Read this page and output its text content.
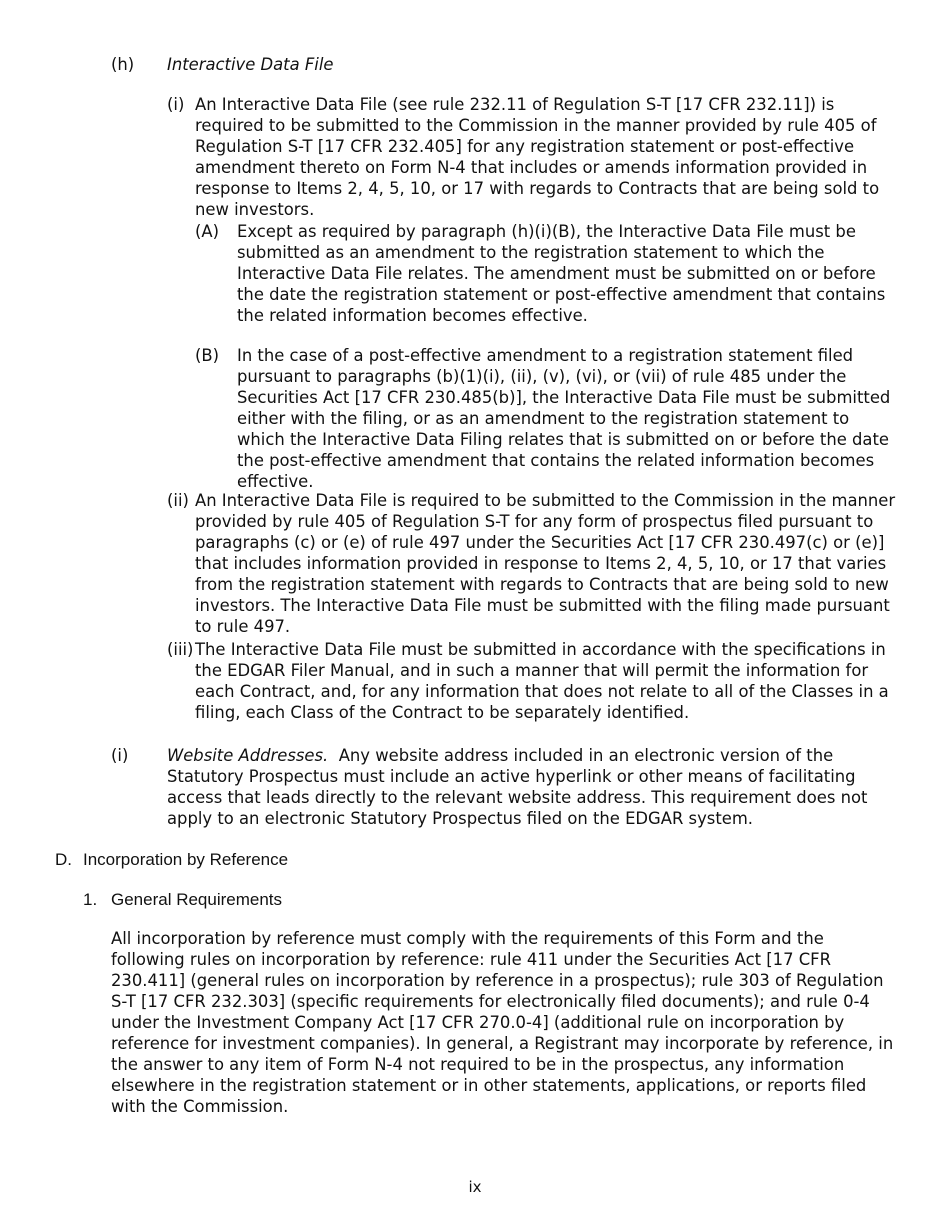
(h) Interactive Data File
(i) An Interactive Data File (see rule 232.11 of Regulation S-T [17 CFR 232.11]) is required to be submitted to the Commission in the manner provided by rule 405 of Regulation S-T [17 CFR 232.405] for any registration statement or post-effective amendment thereto on Form N-4 that includes or amends information provided in response to Items 2, 4, 5, 10, or 17 with regards to Contracts that are being sold to new investors.
(A) Except as required by paragraph (h)(i)(B), the Interactive Data File must be submitted as an amendment to the registration statement to which the Interactive Data File relates. The amendment must be submitted on or before the date the registration statement or post-effective amendment that contains the related information becomes effective.
(B) In the case of a post-effective amendment to a registration statement filed pursuant to paragraphs (b)(1)(i), (ii), (v), (vi), or (vii) of rule 485 under the Securities Act [17 CFR 230.485(b)], the Interactive Data File must be submitted either with the filing, or as an amendment to the registration statement to which the Interactive Data Filing relates that is submitted on or before the date the post-effective amendment that contains the related information becomes effective.
(ii) An Interactive Data File is required to be submitted to the Commission in the manner provided by rule 405 of Regulation S-T for any form of prospectus filed pursuant to paragraphs (c) or (e) of rule 497 under the Securities Act [17 CFR 230.497(c) or (e)] that includes information provided in response to Items 2, 4, 5, 10, or 17 that varies from the registration statement with regards to Contracts that are being sold to new investors. The Interactive Data File must be submitted with the filing made pursuant to rule 497.
(iii) The Interactive Data File must be submitted in accordance with the specifications in the EDGAR Filer Manual, and in such a manner that will permit the information for each Contract, and, for any information that does not relate to all of the Classes in a filing, each Class of the Contract to be separately identified.
(i) Website Addresses. Any website address included in an electronic version of the Statutory Prospectus must include an active hyperlink or other means of facilitating access that leads directly to the relevant website address. This requirement does not apply to an electronic Statutory Prospectus filed on the EDGAR system.
D. Incorporation by Reference
1. General Requirements
All incorporation by reference must comply with the requirements of this Form and the following rules on incorporation by reference: rule 411 under the Securities Act [17 CFR 230.411] (general rules on incorporation by reference in a prospectus); rule 303 of Regulation S-T [17 CFR 232.303] (specific requirements for electronically filed documents); and rule 0-4 under the Investment Company Act [17 CFR 270.0-4] (additional rule on incorporation by reference for investment companies). In general, a Registrant may incorporate by reference, in the answer to any item of Form N-4 not required to be in the prospectus, any information elsewhere in the registration statement or in other statements, applications, or reports filed with the Commission.
ix
